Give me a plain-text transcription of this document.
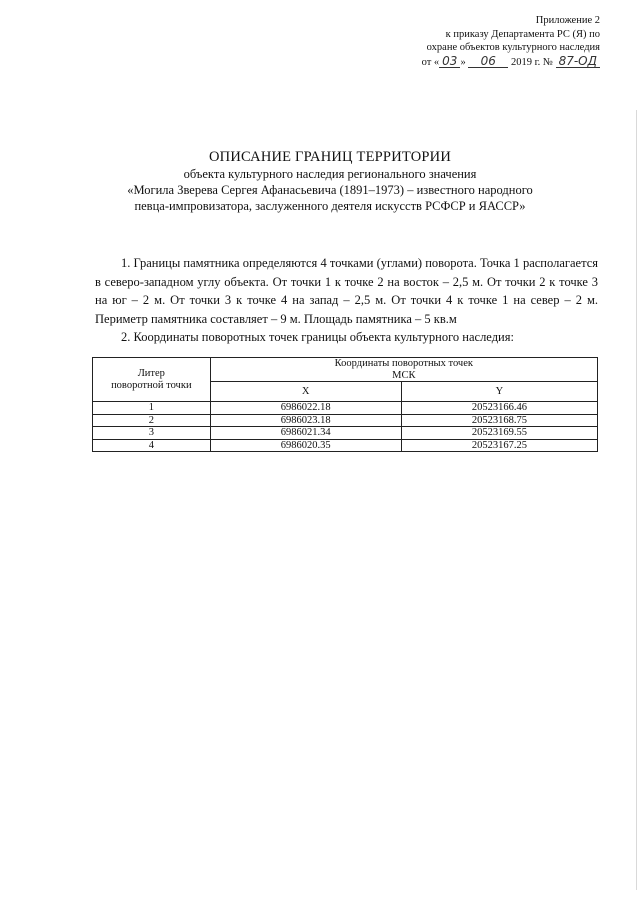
Приложение 2
к приказу Департамента РС (Я) по
охране объектов культурного наследия
от « 03 » 06 2019 г. № 87-ОД
ОПИСАНИЕ ГРАНИЦ ТЕРРИТОРИИ
объекта культурного наследия регионального значения
«Могила Зверева Сергея Афанасьевича (1891–1973) – известного народного
певца-импровизатора, заслуженного деятеля искусств РСФСР и ЯАССР»

1. Границы памятника определяются 4 точками (углами) поворота. Точка 1 располагается в северо-западном углу объекта. От точки 1 к точке 2 на восток – 2,5 м. От точки 2 к точке 3 на юг – 2 м. От точки 3 к точке 4 на запад – 2,5 м. От точки 4 к точке 1 на север – 2 м. Периметр памятника составляет – 9 м. Площадь памятника – 5 кв.м

2. Координаты поворотных точек границы объекта культурного наследия:

Литер
поворотной точки	Координаты поворотных точек
МСК	
	X	Y
1	6986022.18	20523166.46
2	6986023.18	20523168.75
3	6986021.34	20523169.55
4	6986020.35	20523167.25
